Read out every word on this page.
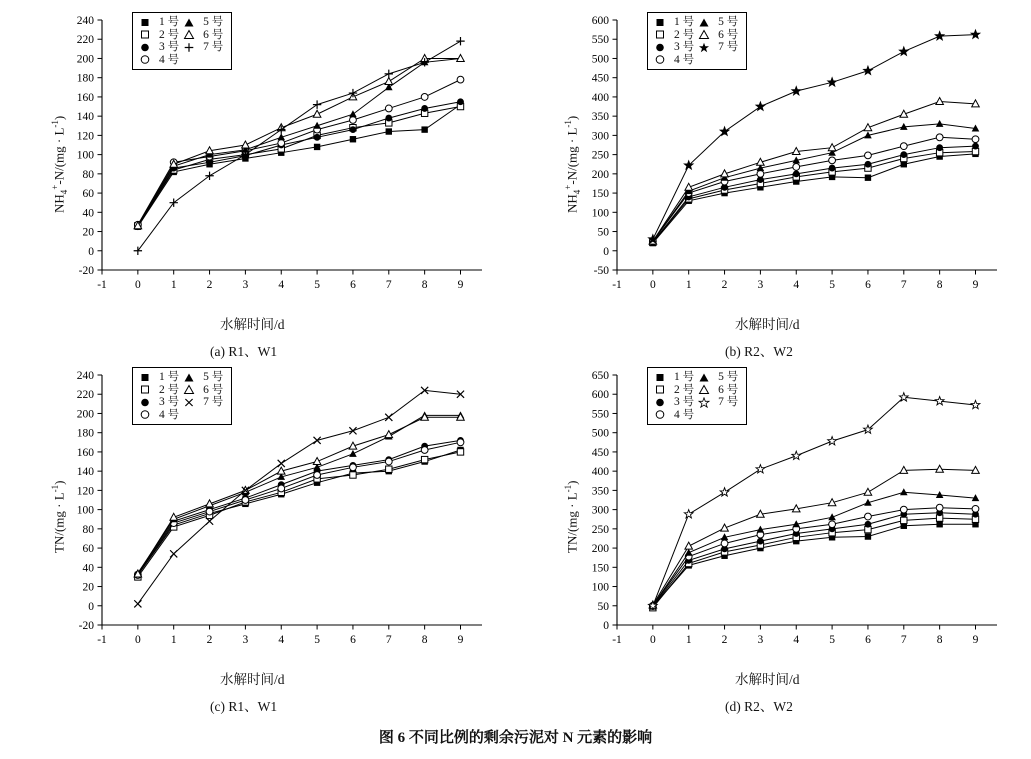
-20
0
20
40
60
80
100
120
140
160
180
200
220
240
-1 0	1	2	3	4	5	6	7	8	9
	1 号		5 号

	2 号		6 号

	3 号		7 号

	4 号		
$NH_4^+-N/(mg \cdot L^{-1})$
水解时间/d
(a) R1、W1
-50
0
50
100
150
200
250
300
350
400
450
500
550
600
-1 0	1	2	3	4	5	6	7	8	9
	1 号		5 号

	2 号		6 号

	3 号		7 号

	4 号		
$NH_4^+-N/(mg \cdot L^{-1})$
水解时间/d
(b) R2、W2
-20
0
20
40
60
80
100
120
140
160
180
200
220
240
-1 0	1	2	3	4	5	6	7	8	9
	1 号		5 号

	2 号		6 号

	3 号		7 号

	4 号		
$TN/(mg \cdot L^{-1})$
水解时间/d
(c) R1、W1
0
50
100
150
200
250
300
350
400
450
500
550
600
650
-1 0	1	2	3	4	5	6	7	8	9
	1 号		5 号

	2 号		6 号

	3 号		7 号

	4 号		
$TN/(mg \cdot L^{-1})$
水解时间/d
(d) R2、W2
图 6 不同比例的剩余污泥对 N 元素的影响
